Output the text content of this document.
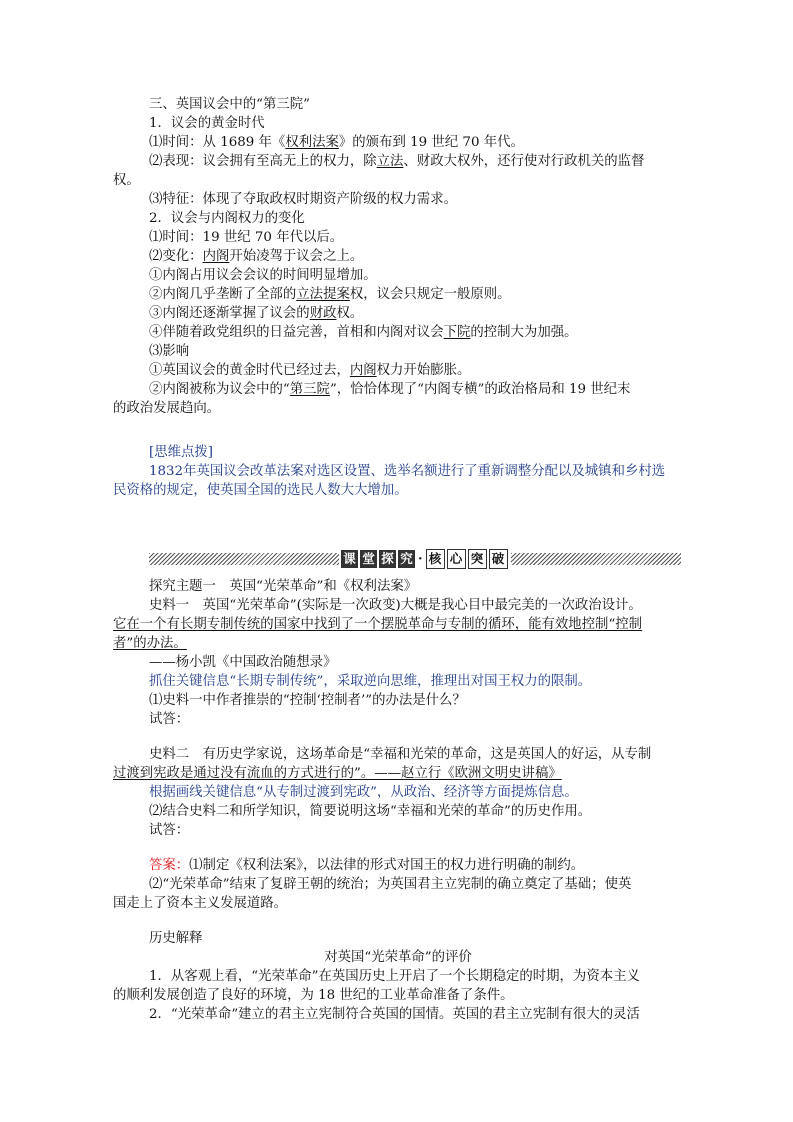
三、英国议会中的“第三院”
1．议会的黄金时代
⑴时间：从 1689 年《权利法案》的颁布到 19 世纪 70 年代。
⑵表现：议会拥有至高无上的权力，除立法、财政大权外，还行使对行政机关的监督
权。
⑶特征：体现了夺取政权时期资产阶级的权力需求。
2．议会与内阁权力的变化
⑴时间：19 世纪 70 年代以后。
⑵变化：内阁开始凌驾于议会之上。
①内阁占用议会会议的时间明显增加。
②内阁几乎垄断了全部的立法提案权，议会只规定一般原则。
③内阁还逐渐掌握了议会的财政权。
④伴随着政党组织的日益完善，首相和内阁对议会下院的控制大为加强。
⑶影响
①英国议会的黄金时代已经过去，内阁权力开始膨胀。
②内阁被称为议会中的“第三院”，恰恰体现了“内阁专横”的政治格局和 19 世纪末
的政治发展趋向。
[思维点拨]
1832年英国议会改革法案对选区设置、选举名额进行了重新调整分配以及城镇和乡村选
民资格的规定，使英国全国的选民人数大大增加。
课 堂 探 究 · 核 心 突 破
探究主题一　英国“光荣革命”和《权利法案》
史料一　英国“光荣革命”(实际是一次政变)大概是我心目中最完美的一次政治设计。
它在一个有长期专制传统的国家中找到了一个摆脱革命与专制的循环，能有效地控制“控制
者”的办法。
——杨小凯《中国政治随想录》
抓住关键信息“长期专制传统”，采取逆向思维，推理出对国王权力的限制。
⑴史料一中作者推崇的“控制‘控制者’”的办法是什么？
试答：
史料二　有历史学家说，这场革命是“幸福和光荣的革命，这是英国人的好运，从专制
过渡到宪政是通过没有流血的方式进行的”。——赵立行《欧洲文明史讲稿》
根据画线关键信息“从专制过渡到宪政”，从政治、经济等方面提炼信息。
⑵结合史料二和所学知识，简要说明这场“幸福和光荣的革命”的历史作用。
试答：
答案：⑴制定《权利法案》，以法律的形式对国王的权力进行明确的制约。
⑵“光荣革命”结束了复辟王朝的统治；为英国君主立宪制的确立奠定了基础；使英
国走上了资本主义发展道路。
历史解释
对英国“光荣革命”的评价
1．从客观上看，“光荣革命”在英国历史上开启了一个长期稳定的时期，为资本主义
的顺利发展创造了良好的环境，为 18 世纪的工业革命准备了条件。
2．“光荣革命”建立的君主立宪制符合英国的国情。英国的君主立宪制有很大的灵活
